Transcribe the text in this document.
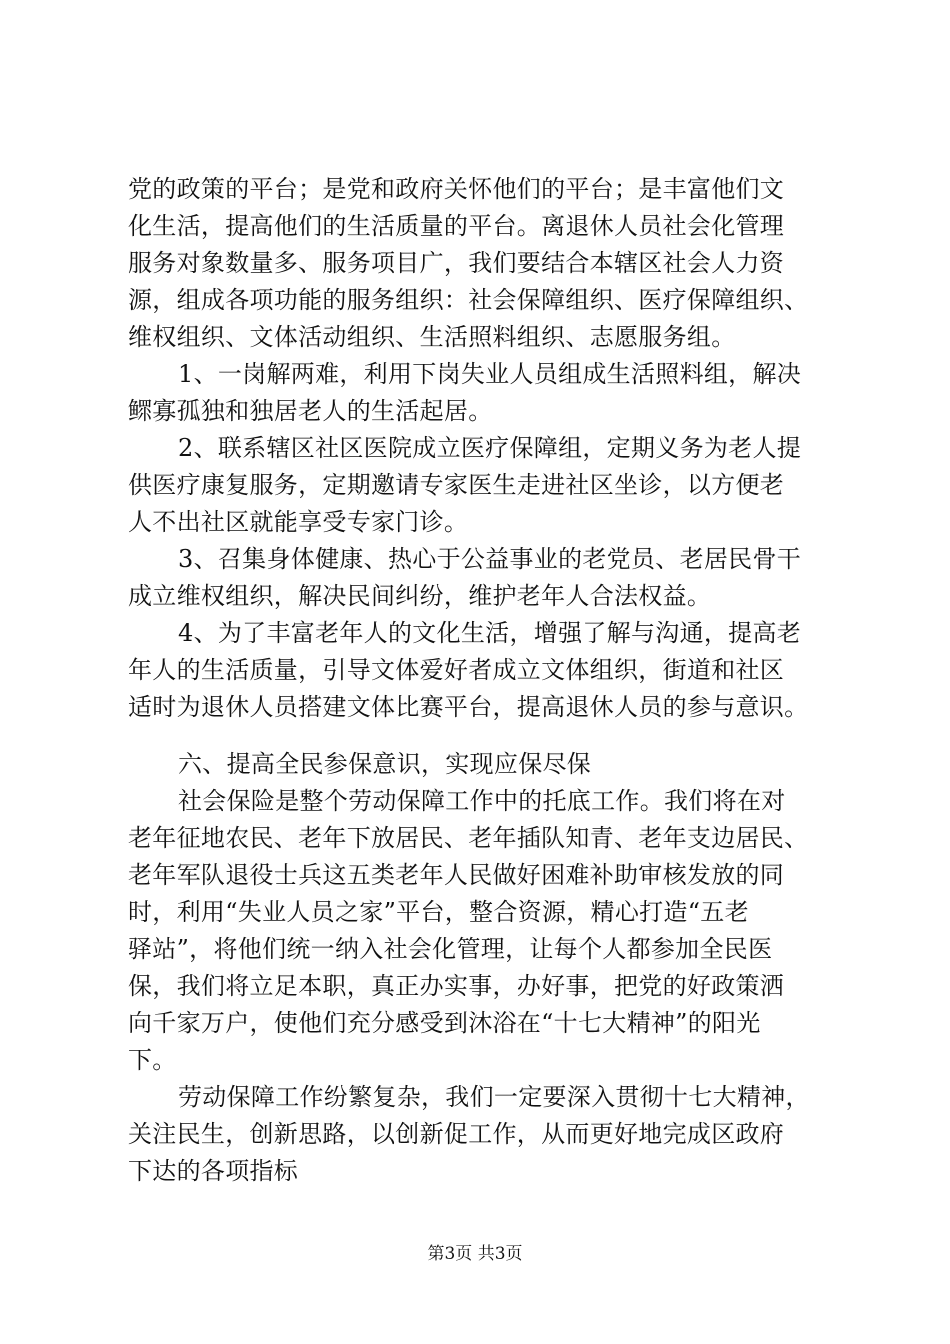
党的政策的平台；是党和政府关怀他们的平台；是丰富他们文
化生活，提高他们的生活质量的平台。离退休人员社会化管理
服务对象数量多、服务项目广，我们要结合本辖区社会人力资
源，组成各项功能的服务组织：社会保障组织、医疗保障组织、
维权组织、文体活动组织、生活照料组织、志愿服务组。
1、一岗解两难，利用下岗失业人员组成生活照料组，解决
鳏寡孤独和独居老人的生活起居。
2、联系辖区社区医院成立医疗保障组，定期义务为老人提
供医疗康复服务，定期邀请专家医生走进社区坐诊，以方便老
人不出社区就能享受专家门诊。
3、召集身体健康、热心于公益事业的老党员、老居民骨干
成立维权组织，解决民间纠纷，维护老年人合法权益。
4、为了丰富老年人的文化生活，增强了解与沟通，提高老
年人的生活质量，引导文体爱好者成立文体组织，街道和社区
适时为退休人员搭建文体比赛平台，提高退休人员的参与意识。
六、提高全民参保意识，实现应保尽保
社会保险是整个劳动保障工作中的托底工作。我们将在对
老年征地农民、老年下放居民、老年插队知青、老年支边居民、
老年军队退役士兵这五类老年人民做好困难补助审核发放的同
时，利用“失业人员之家”平台，整合资源，精心打造“五老
驿站”，将他们统一纳入社会化管理，让每个人都参加全民医
保，我们将立足本职，真正办实事，办好事，把党的好政策洒
向千家万户，使他们充分感受到沐浴在“十七大精神”的阳光
下。
劳动保障工作纷繁复杂，我们一定要深入贯彻十七大精神，
关注民生，创新思路，以创新促工作，从而更好地完成区政府
下达的各项指标
第3页 共3页
